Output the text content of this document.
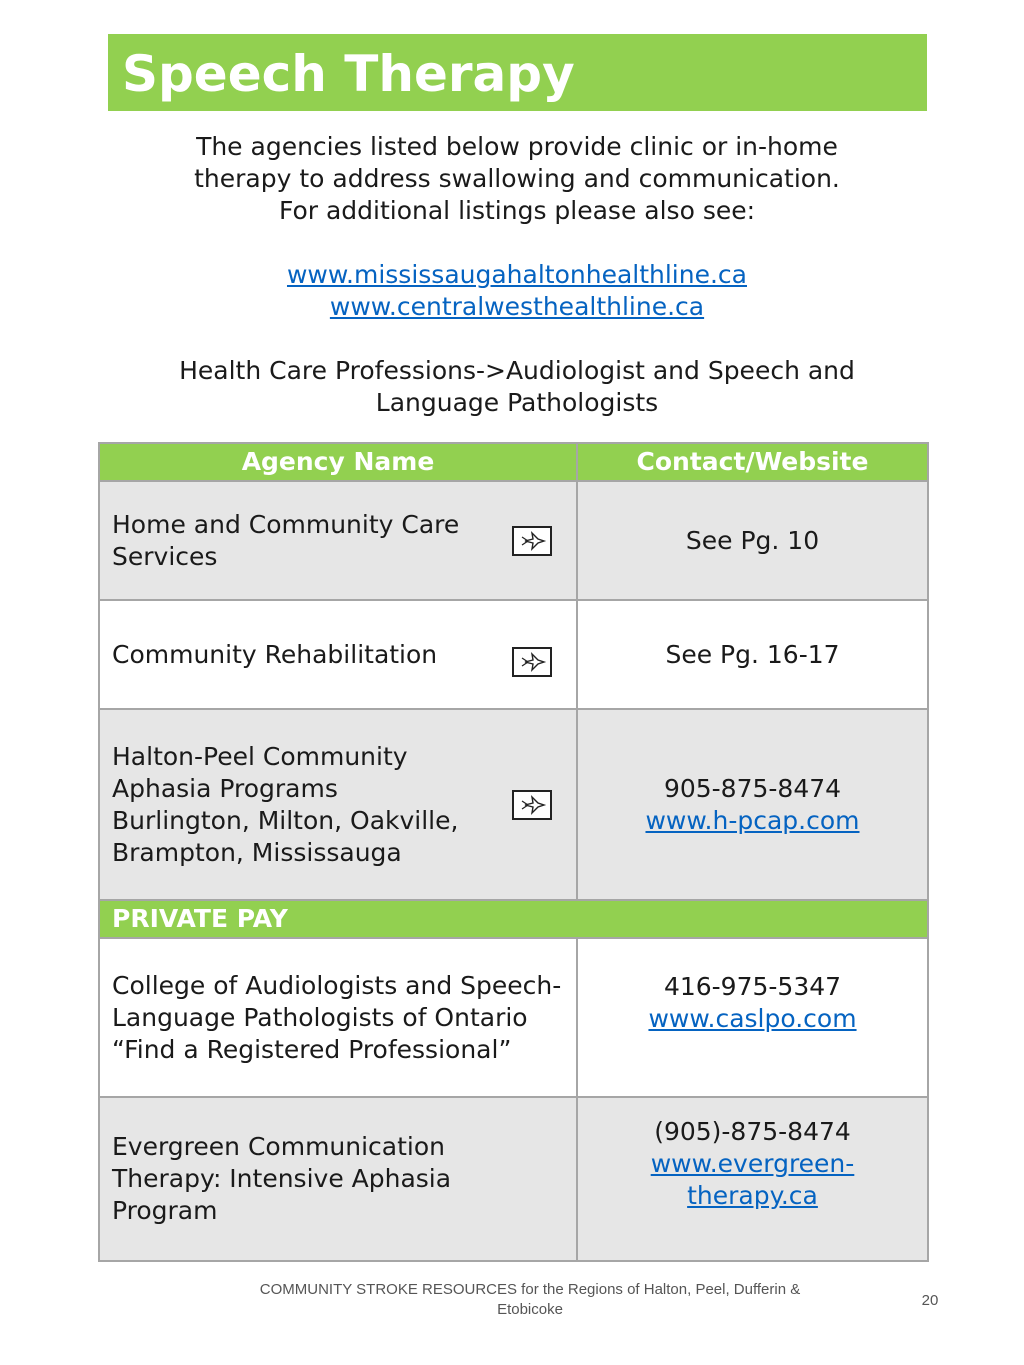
Speech Therapy

The agencies listed below provide clinic or in-home

therapy to address swallowing and communication.

For additional listings please also see:

www.mississaugahaltonhealthline.ca

www.centralwesthealthline.ca

Health Care Professions->Audiologist and Speech and

Language Pathologists

Agency Name	Contact/Website

Home and Community Care Services	See Pg. 10

Community Rehabilitation	See Pg. 16-17

Halton-Peel Community Aphasia Programs
Burlington, Milton, Oakville, Brampton, Mississauga	905-875-8474
www.h-pcap.com
PRIVATE PAY	

College of Audiologists and Speech-Language Pathologists of Ontario
“Find a Registered Professional”	416-975-5347
www.caslpo.com

Evergreen Communication Therapy: Intensive Aphasia Program	(905)-875-8474
www.evergreen-therapy.ca
COMMUNITY STROKE RESOURCES for the Regions of Halton, Peel, Dufferin & Etobicoke
20
